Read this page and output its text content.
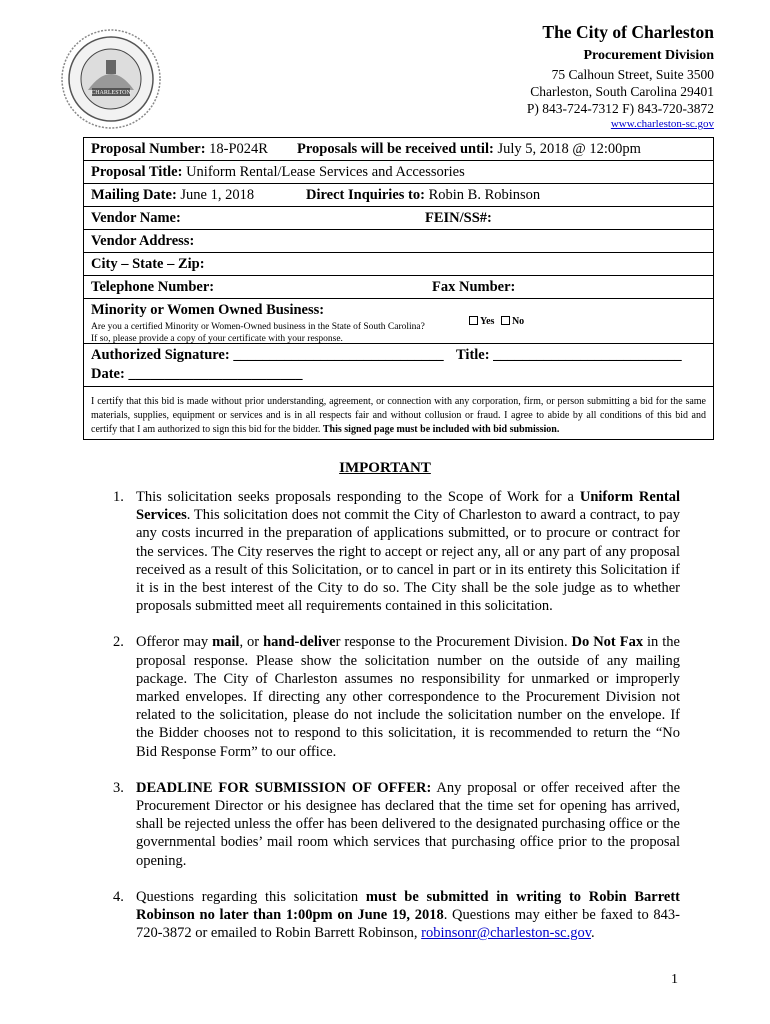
CHARLESTON
The City of Charleston
Procurement Division
75 Calhoun Street, Suite 3500
Charleston, South Carolina 29401
P) 843-724-7312 F) 843-720-3872
www.charleston-sc.gov
Proposal Number: 18-P024R Proposals will be received until: July 5, 2018 @ 12:00pm
Proposal Title: Uniform Rental/Lease Services and Accessories
Mailing Date: June 1, 2018	Direct Inquiries to: Robin B. Robinson
Vendor Name:	FEIN/SS#:
Vendor Address:
City – State – Zip:
Telephone Number:	Fax Number:
Minority or Women Owned Business:
Are you a certified Minority or Women-Owned business in the State of South Carolina?
If so, please provide a copy of your certificate with your response.
Yes No
Authorized Signature: _____________________________ Title: __________________________
Date: ________________________
I certify that this bid is made without prior understanding, agreement, or connection with any corporation, firm, or person submitting a bid for the same materials, supplies, equipment or services and is in all respects fair and without collusion or fraud. I agree to abide by all conditions of this bid and certify that I am authorized to sign this bid for the bidder. This signed page must be included with bid submission.
IMPORTANT
1. This solicitation seeks proposals responding to the Scope of Work for a Uniform Rental Services. This solicitation does not commit the City of Charleston to award a contract, to pay any costs incurred in the preparation of applications submitted, or to procure or contract for the services. The City reserves the right to accept or reject any, all or any part of any proposal received as a result of this Solicitation, or to cancel in part or in its entirety this Solicitation if it is in the best interest of the City to do so. The City shall be the sole judge as to whether proposals submitted meet all requirements contained in this solicitation.
2. Offeror may mail, or hand-deliver response to the Procurement Division. Do Not Fax in the proposal response. Please show the solicitation number on the outside of any mailing package. The City of Charleston assumes no responsibility for unmarked or improperly marked envelopes. If directing any other correspondence to the Procurement Division not related to the solicitation, please do not include the solicitation number on the envelope. If the Bidder chooses not to respond to this solicitation, it is recommended to return the “No Bid Response Form” to our office.
3. DEADLINE FOR SUBMISSION OF OFFER: Any proposal or offer received after the Procurement Director or his designee has declared that the time set for opening has arrived, shall be rejected unless the offer has been delivered to the designated purchasing office or the governmental bodies’ mail room which services that purchasing office prior to the proposal opening.
4. Questions regarding this solicitation must be submitted in writing to Robin Barrett Robinson no later than 1:00pm on June 19, 2018. Questions may either be faxed to 843-720-3872 or emailed to Robin Barrett Robinson, robinsonr@charleston-sc.gov.
1
